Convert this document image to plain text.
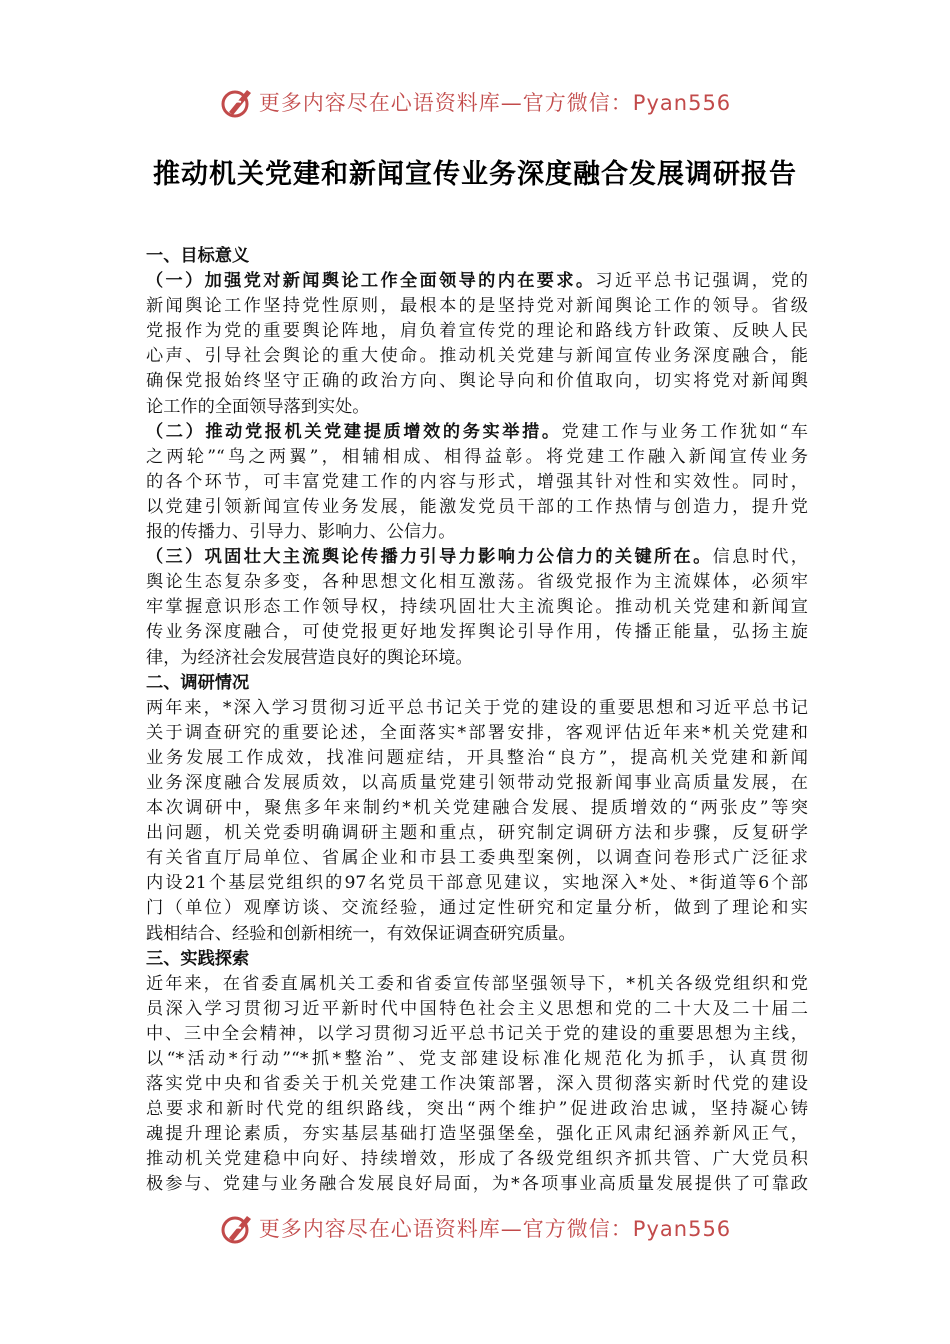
更多内容尽在心语资料库—官方微信：Pyan556
推动机关党建和新闻宣传业务深度融合发展调研报告
一、目标意义
（一）加强党对新闻舆论工作全面领导的内在要求。习近平总书记强调，党的
新闻舆论工作坚持党性原则，最根本的是坚持党对新闻舆论工作的领导。省级
党报作为党的重要舆论阵地，肩负着宣传党的理论和路线方针政策、反映人民
心声、引导社会舆论的重大使命。推动机关党建与新闻宣传业务深度融合，能
确保党报始终坚守正确的政治方向、舆论导向和价值取向，切实将党对新闻舆
论工作的全面领导落到实处。
（二）推动党报机关党建提质增效的务实举措。党建工作与业务工作犹如“车
之两轮”“鸟之两翼”，相辅相成、相得益彰。将党建工作融入新闻宣传业务
的各个环节，可丰富党建工作的内容与形式，增强其针对性和实效性。同时，
以党建引领新闻宣传业务发展，能激发党员干部的工作热情与创造力，提升党
报的传播力、引导力、影响力、公信力。
（三）巩固壮大主流舆论传播力引导力影响力公信力的关键所在。信息时代，
舆论生态复杂多变，各种思想文化相互激荡。省级党报作为主流媒体，必须牢
牢掌握意识形态工作领导权，持续巩固壮大主流舆论。推动机关党建和新闻宣
传业务深度融合，可使党报更好地发挥舆论引导作用，传播正能量，弘扬主旋
律，为经济社会发展营造良好的舆论环境。
二、调研情况
两年来，*深入学习贯彻习近平总书记关于党的建设的重要思想和习近平总书记
关于调查研究的重要论述，全面落实*部署安排，客观评估近年来*机关党建和
业务发展工作成效，找准问题症结，开具整治“良方”，提高机关党建和新闻
业务深度融合发展质效，以高质量党建引领带动党报新闻事业高质量发展，在
本次调研中，聚焦多年来制约*机关党建融合发展、提质增效的“两张皮”等突
出问题，机关党委明确调研主题和重点，研究制定调研方法和步骤，反复研学
有关省直厅局单位、省属企业和市县工委典型案例，以调查问卷形式广泛征求
内设21个基层党组织的97名党员干部意见建议，实地深入*处、*街道等6个部
门（单位）观摩访谈、交流经验，通过定性研究和定量分析，做到了理论和实
践相结合、经验和创新相统一，有效保证调查研究质量。
三、实践探索
近年来，在省委直属机关工委和省委宣传部坚强领导下，*机关各级党组织和党
员深入学习贯彻习近平新时代中国特色社会主义思想和党的二十大及二十届二
中、三中全会精神，以学习贯彻习近平总书记关于党的建设的重要思想为主线，
以“*活动*行动”“*抓*整治”、党支部建设标准化规范化为抓手，认真贯彻
落实党中央和省委关于机关党建工作决策部署，深入贯彻落实新时代党的建设
总要求和新时代党的组织路线，突出“两个维护”促进政治忠诚，坚持凝心铸
魂提升理论素质，夯实基层基础打造坚强堡垒，强化正风肃纪涵养新风正气，
推动机关党建稳中向好、持续增效，形成了各级党组织齐抓共管、广大党员积
极参与、党建与业务融合发展良好局面，为*各项事业高质量发展提供了可靠政
更多内容尽在心语资料库—官方微信：Pyan556
